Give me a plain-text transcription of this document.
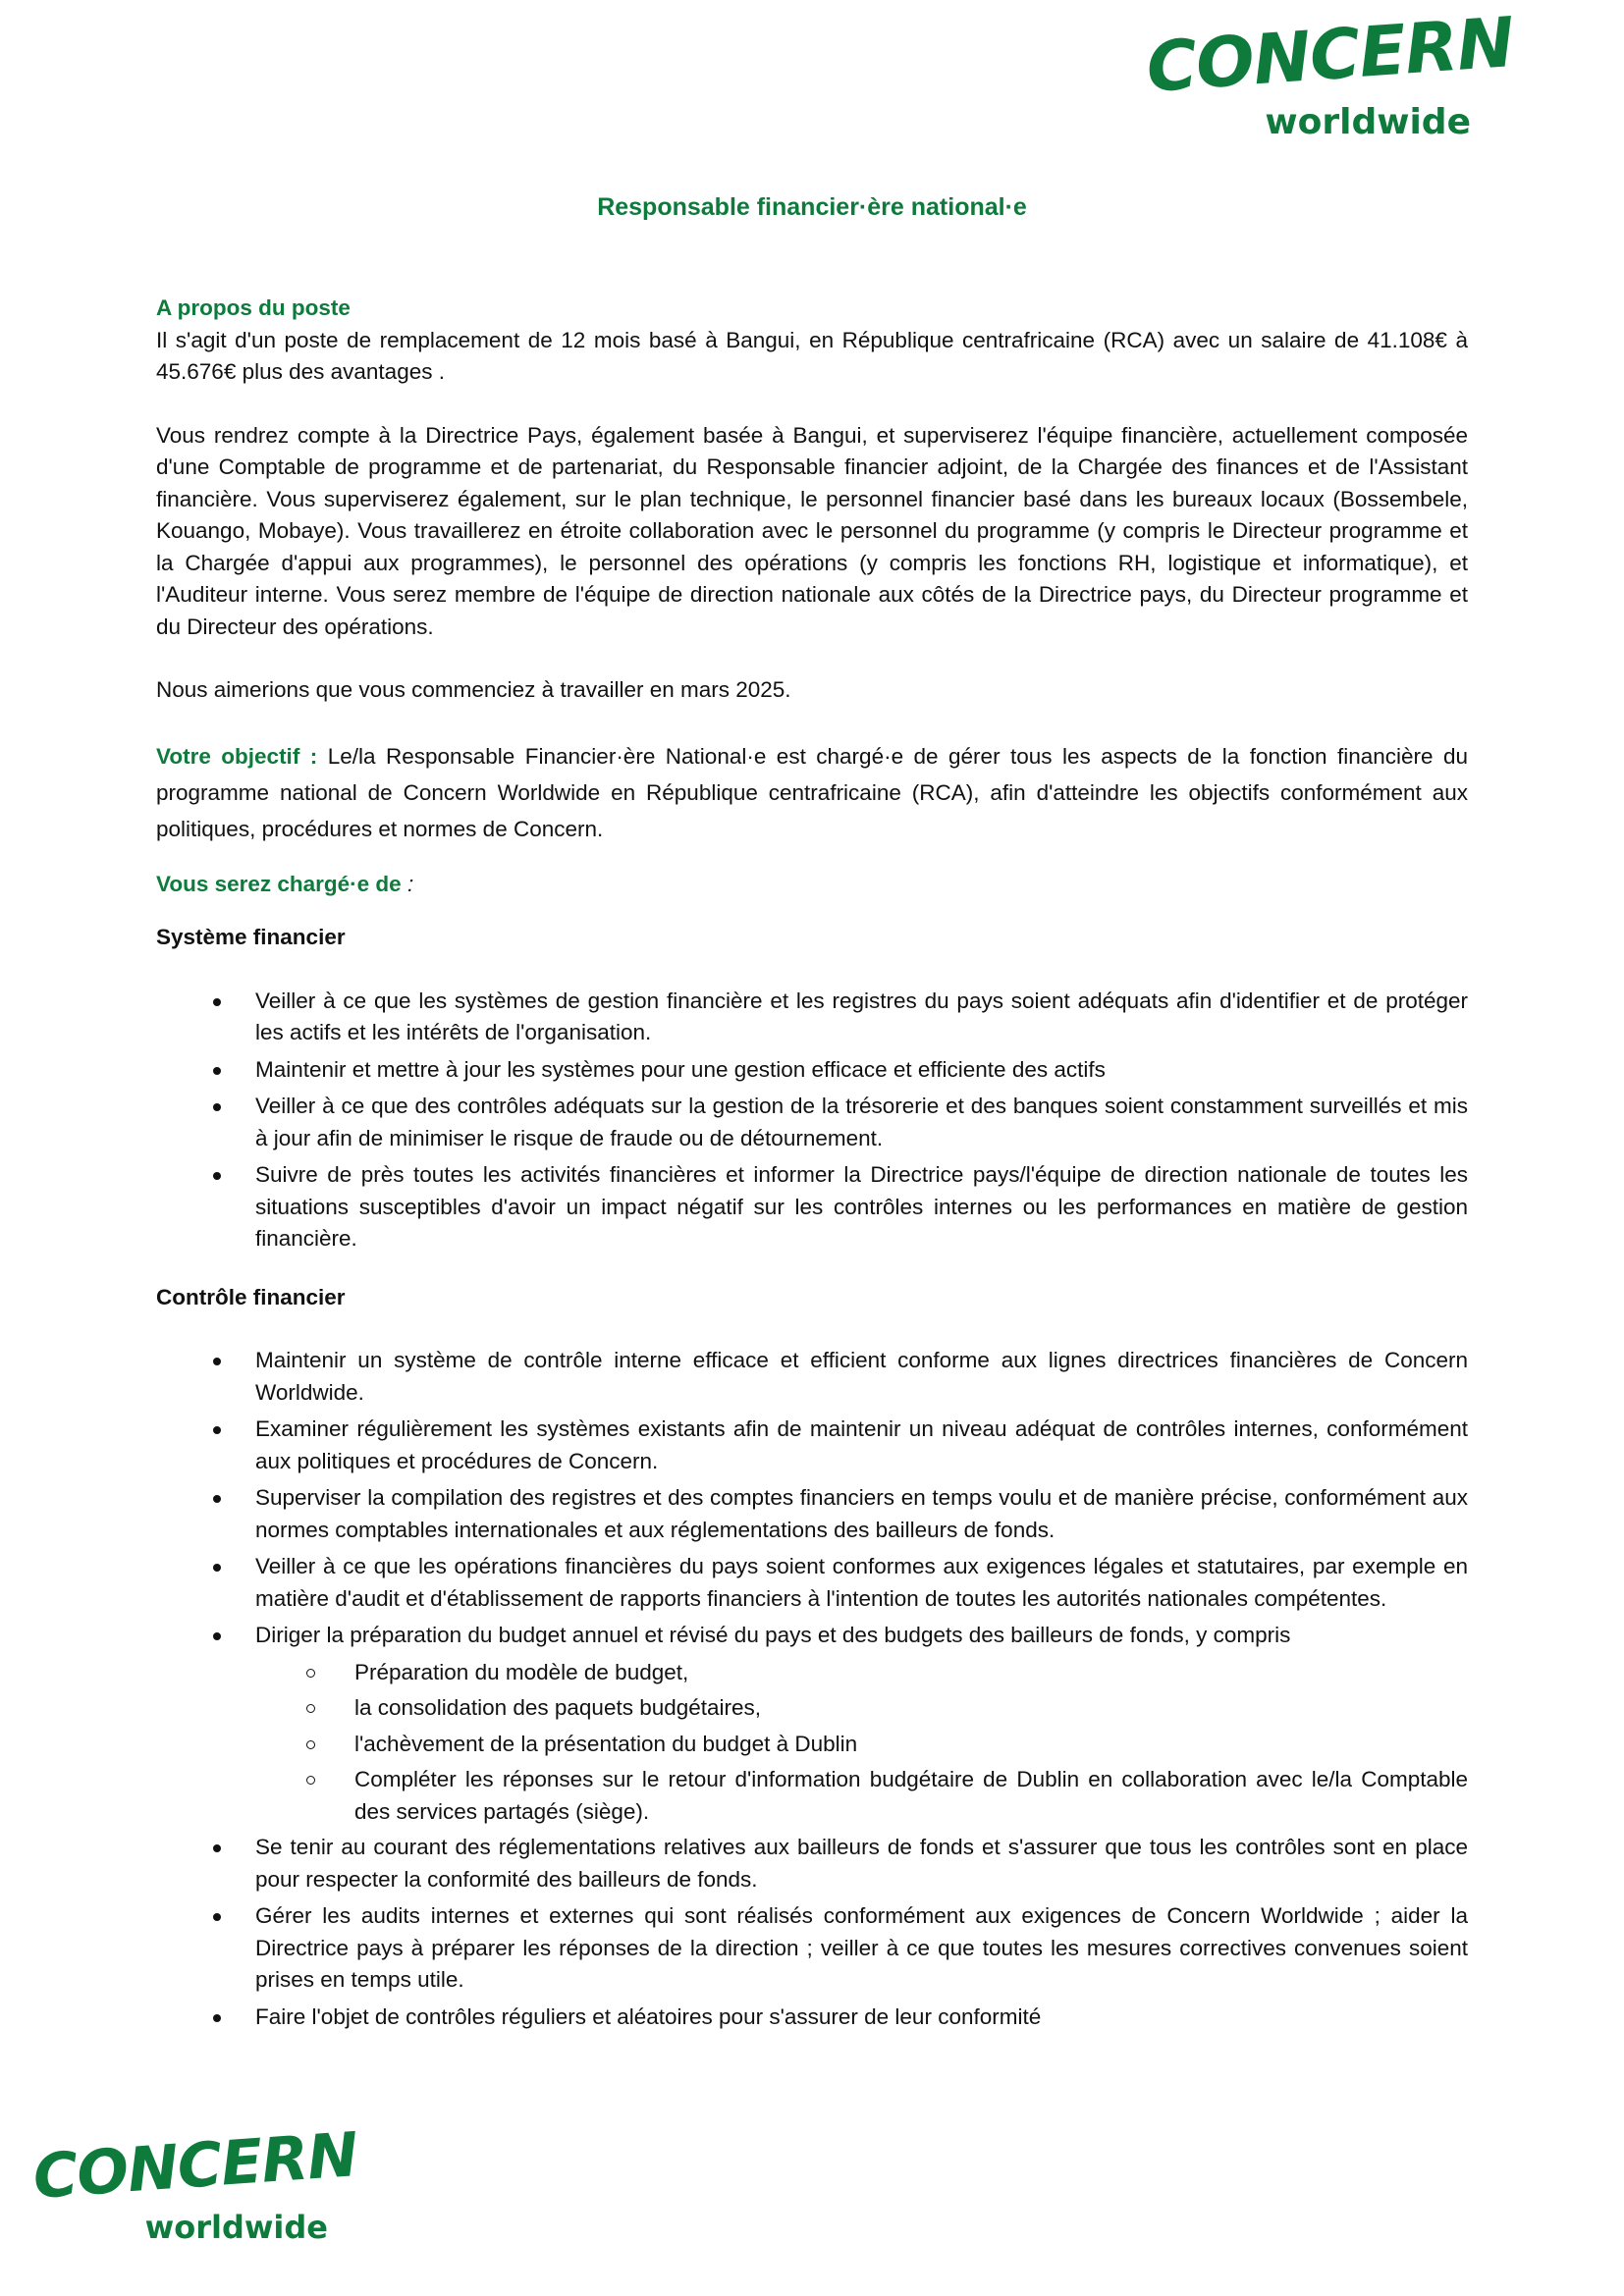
CONCERN
worldwide
Responsable financier·ère national·e
A propos du poste

Il s'agit d'un poste de remplacement de 12 mois basé à Bangui, en République centrafricaine (RCA) avec un salaire de 41.108€ à 45.676€ plus des avantages .

Vous rendrez compte à la Directrice Pays, également basée à Bangui, et superviserez l'équipe financière, actuellement composée d'une Comptable de programme et de partenariat, du Responsable financier adjoint, de la Chargée des finances et de l'Assistant financière. Vous superviserez également, sur le plan technique, le personnel financier basé dans les bureaux locaux (Bossembele, Kouango, Mobaye). Vous travaillerez en étroite collaboration avec le personnel du programme (y compris le Directeur programme et la Chargée d'appui aux programmes), le personnel des opérations (y compris les fonctions RH, logistique et informatique), et l'Auditeur interne. Vous serez membre de l'équipe de direction nationale aux côtés de la Directrice pays, du Directeur programme et du Directeur des opérations.

Nous aimerions que vous commenciez à travailler en mars 2025.

Votre objectif : Le/la Responsable Financier·ère National·e est chargé·e de gérer tous les aspects de la fonction financière du programme national de Concern Worldwide en République centrafricaine (RCA), afin d'atteindre les objectifs conformément aux politiques, procédures et normes de Concern.

Vous serez chargé·e de :

Système financier
Veiller à ce que les systèmes de gestion financière et les registres du pays soient adéquats afin d'identifier et de protéger les actifs et les intérêts de l'organisation.
Maintenir et mettre à jour les systèmes pour une gestion efficace et efficiente des actifs
Veiller à ce que des contrôles adéquats sur la gestion de la trésorerie et des banques soient constamment surveillés et mis à jour afin de minimiser le risque de fraude ou de détournement.
Suivre de près toutes les activités financières et informer la Directrice pays/l'équipe de direction nationale de toutes les situations susceptibles d'avoir un impact négatif sur les contrôles internes ou les performances en matière de gestion financière.
Contrôle financier
Maintenir un système de contrôle interne efficace et efficient conforme aux lignes directrices financières de Concern Worldwide.
Examiner régulièrement les systèmes existants afin de maintenir un niveau adéquat de contrôles internes, conformément aux politiques et procédures de Concern.
Superviser la compilation des registres et des comptes financiers en temps voulu et de manière précise, conformément aux normes comptables internationales et aux réglementations des bailleurs de fonds.
Veiller à ce que les opérations financières du pays soient conformes aux exigences légales et statutaires, par exemple en matière d'audit et d'établissement de rapports financiers à l'intention de toutes les autorités nationales compétentes.
Diriger la préparation du budget annuel et révisé du pays et des budgets des bailleurs de fonds, y compris
Préparation du modèle de budget,
la consolidation des paquets budgétaires,
l'achèvement de la présentation du budget à Dublin
Compléter les réponses sur le retour d'information budgétaire de Dublin en collaboration avec le/la Comptable des services partagés (siège).
Se tenir au courant des réglementations relatives aux bailleurs de fonds et s'assurer que tous les contrôles sont en place pour respecter la conformité des bailleurs de fonds.
Gérer les audits internes et externes qui sont réalisés conformément aux exigences de Concern Worldwide ; aider la Directrice pays à préparer les réponses de la direction ; veiller à ce que toutes les mesures correctives convenues soient prises en temps utile.
Faire l'objet de contrôles réguliers et aléatoires pour s'assurer de leur conformité
CONCERN
worldwide
